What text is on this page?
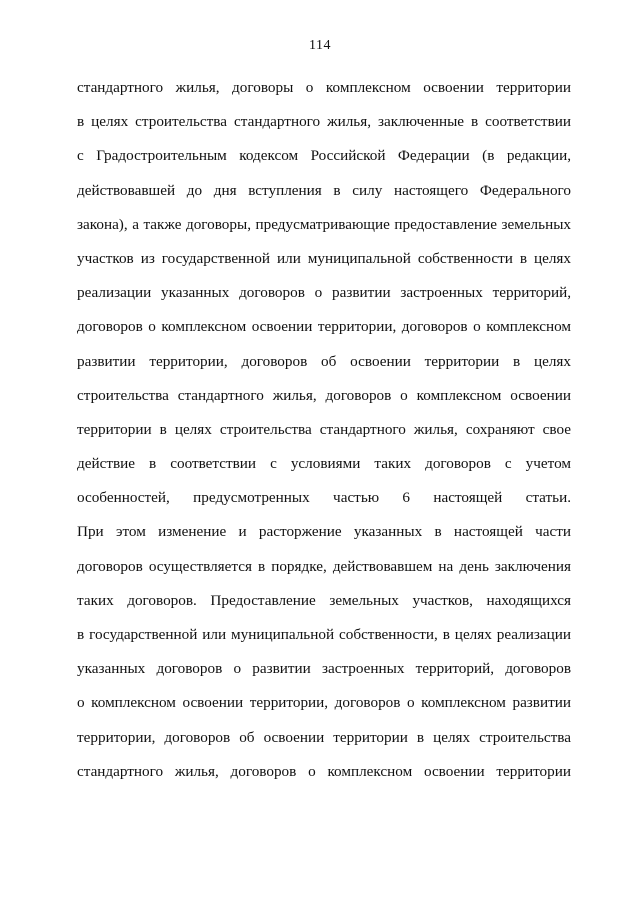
114
стандартного жилья, договоры о комплексном освоении территории
в целях строительства стандартного жилья, заключенные в соответствии
с Градостроительным кодексом Российской Федерации (в редакции,
действовавшей до дня вступления в силу настоящего Федерального
закона), а также договоры, предусматривающие предоставление земельных
участков из государственной или муниципальной собственности в целях
реализации указанных договоров о развитии застроенных территорий,
договоров о комплексном освоении территории, договоров о комплексном
развитии территории, договоров об освоении территории в целях
строительства стандартного жилья, договоров о комплексном освоении
территории в целях строительства стандартного жилья, сохраняют свое
действие в соответствии с условиями таких договоров с учетом
особенностей, предусмотренных частью 6 настоящей статьи.
При этом изменение и расторжение указанных в настоящей части
договоров осуществляется в порядке, действовавшем на день заключения
таких договоров. Предоставление земельных участков, находящихся
в государственной или муниципальной собственности, в целях реализации
указанных договоров о развитии застроенных территорий, договоров
о комплексном освоении территории, договоров о комплексном развитии
территории, договоров об освоении территории в целях строительства
стандартного жилья, договоров о комплексном освоении территории
